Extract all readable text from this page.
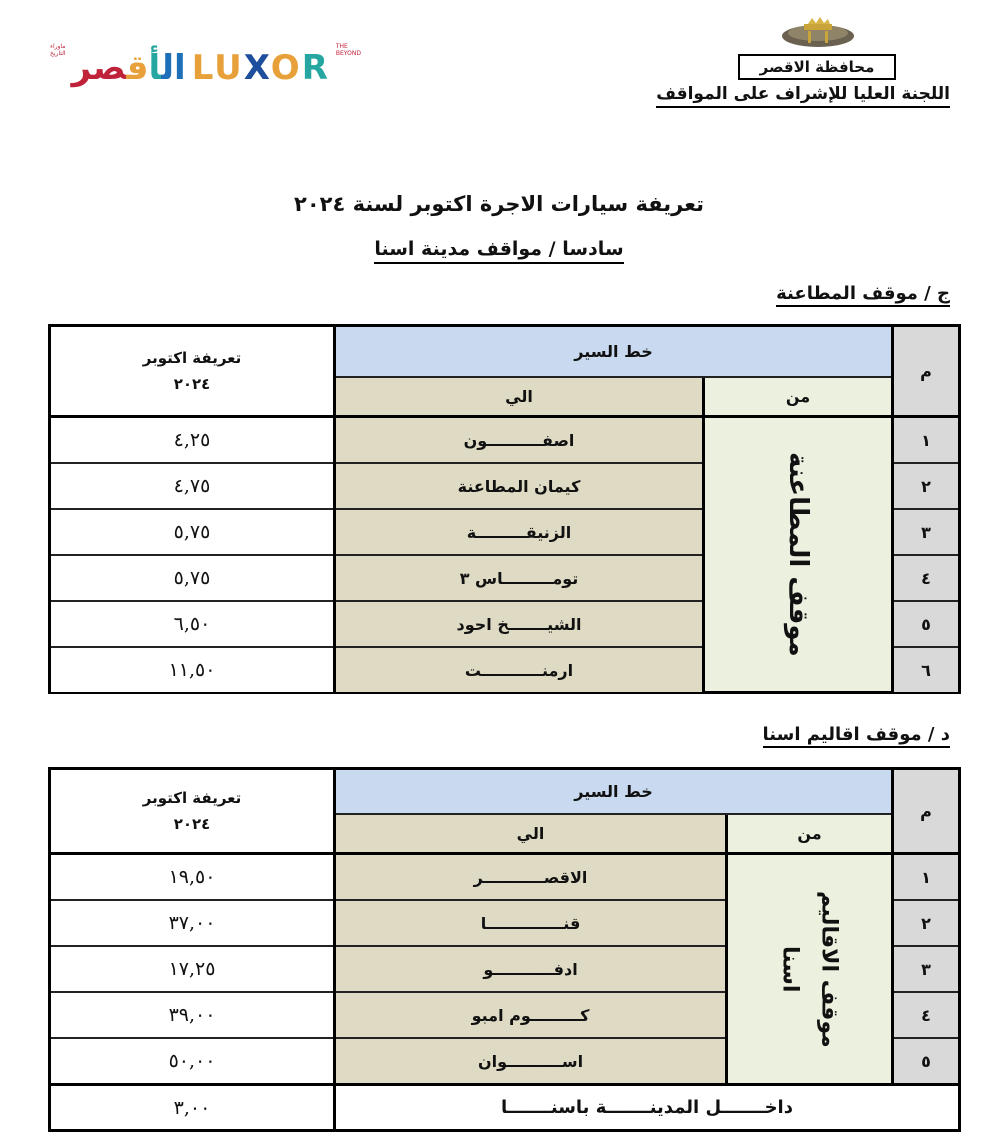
ماوراء التاريخ	الأقصر	LUXOR
THE BEYOND
محافظة الاقصر
اللجنة العليا للإشراف على المواقف
تعريفة سيارات الاجرة اكتوبر لسنة ٢٠٢٤
سادسا / مواقف مدينة اسنا
ج / موقف المطاعنة
م
خط السير
من
الي
تعريفة اكتوبر
٢٠٢٤
موقف المطاعنة
١
اصفــــــــــون
٤,٢٥
٢
كيمان المطاعنة
٤,٧٥
٣
الزنيقـــــــــة
٥,٧٥
٤
تومـــــــــاس ٣
٥,٧٥
٥
الشيـــــــخ احود
٦,٥٠
٦
ارمنـــــــــــت
١١,٥٠
د / موقف اقاليم اسنا
م
خط السير
من
الي
تعريفة اكتوبر
٢٠٢٤
موقف الاقاليم
اسنا
١
الاقصـــــــــــر
١٩,٥٠
٢
قنــــــــــــــا
٣٧,٠٠
٣
ادفـــــــــــو
١٧,٢٥
٤
كـــــــــوم امبو
٣٩,٠٠
٥
اســــــــــوان
٥٠,٠٠
داخـــــــل المدينـــــــة باسنـــــــا
٣,٠٠
